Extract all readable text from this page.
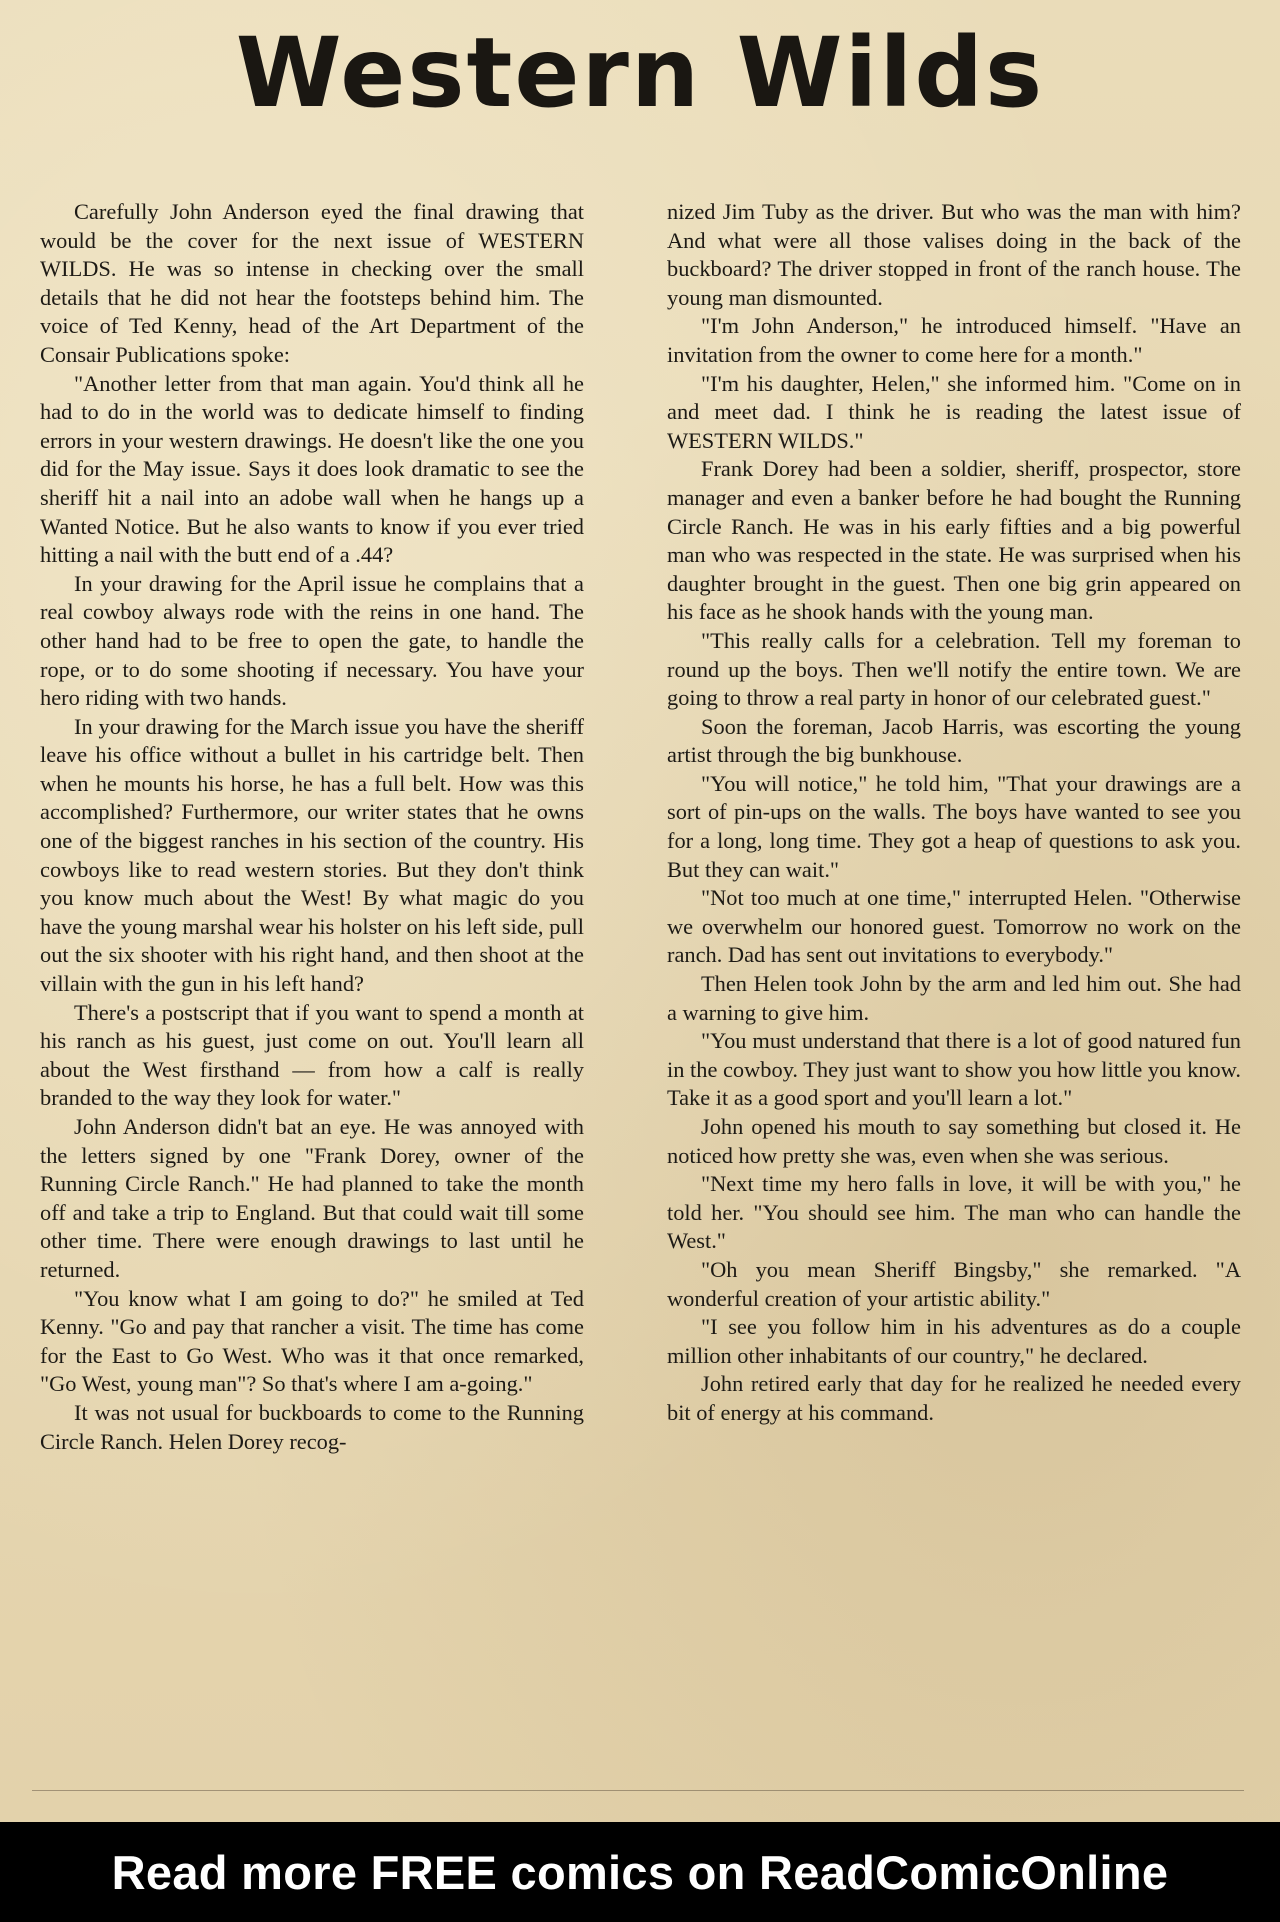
Western Wilds

Carefully John Anderson eyed the final drawing that would be the cover for the next issue of WESTERN WILDS. He was so intense in checking over the small details that he did not hear the footsteps behind him. The voice of Ted Kenny, head of the Art Department of the Consair Publications spoke:

"Another letter from that man again. You'd think all he had to do in the world was to dedicate himself to finding errors in your western drawings. He doesn't like the one you did for the May issue. Says it does look dramatic to see the sheriff hit a nail into an adobe wall when he hangs up a Wanted Notice. But he also wants to know if you ever tried hitting a nail with the butt end of a .44?

In your drawing for the April issue he complains that a real cowboy always rode with the reins in one hand. The other hand had to be free to open the gate, to handle the rope, or to do some shooting if necessary. You have your hero riding with two hands.

In your drawing for the March issue you have the sheriff leave his office without a bullet in his cartridge belt. Then when he mounts his horse, he has a full belt. How was this accomplished? Furthermore, our writer states that he owns one of the biggest ranches in his section of the country. His cowboys like to read western stories. But they don't think you know much about the West! By what magic do you have the young marshal wear his holster on his left side, pull out the six shooter with his right hand, and then shoot at the villain with the gun in his left hand?

There's a postscript that if you want to spend a month at his ranch as his guest, just come on out. You'll learn all about the West firsthand — from how a calf is really branded to the way they look for water."

John Anderson didn't bat an eye. He was annoyed with the letters signed by one "Frank Dorey, owner of the Running Circle Ranch." He had planned to take the month off and take a trip to England. But that could wait till some other time. There were enough drawings to last until he returned.

"You know what I am going to do?" he smiled at Ted Kenny. "Go and pay that rancher a visit. The time has come for the East to Go West. Who was it that once remarked, "Go West, young man"? So that's where I am a-going."

It was not usual for buckboards to come to the Running Circle Ranch. Helen Dorey recog-

nized Jim Tuby as the driver. But who was the man with him? And what were all those valises doing in the back of the buckboard? The driver stopped in front of the ranch house. The young man dismounted.

"I'm John Anderson," he introduced himself. "Have an invitation from the owner to come here for a month."

"I'm his daughter, Helen," she informed him. "Come on in and meet dad. I think he is reading the latest issue of WESTERN WILDS."

Frank Dorey had been a soldier, sheriff, prospector, store manager and even a banker before he had bought the Running Circle Ranch. He was in his early fifties and a big powerful man who was respected in the state. He was surprised when his daughter brought in the guest. Then one big grin appeared on his face as he shook hands with the young man.

"This really calls for a celebration. Tell my foreman to round up the boys. Then we'll notify the entire town. We are going to throw a real party in honor of our celebrated guest."

Soon the foreman, Jacob Harris, was escorting the young artist through the big bunkhouse.

"You will notice," he told him, "That your drawings are a sort of pin-ups on the walls. The boys have wanted to see you for a long, long time. They got a heap of questions to ask you. But they can wait."

"Not too much at one time," interrupted Helen. "Otherwise we overwhelm our honored guest. Tomorrow no work on the ranch. Dad has sent out invitations to everybody."

Then Helen took John by the arm and led him out. She had a warning to give him.

"You must understand that there is a lot of good natured fun in the cowboy. They just want to show you how little you know. Take it as a good sport and you'll learn a lot."

John opened his mouth to say something but closed it. He noticed how pretty she was, even when she was serious.

"Next time my hero falls in love, it will be with you," he told her. "You should see him. The man who can handle the West."

"Oh you mean Sheriff Bingsby," she remarked. "A wonderful creation of your artistic ability."

"I see you follow him in his adventures as do a couple million other inhabitants of our country," he declared.

John retired early that day for he realized he needed every bit of energy at his command.

Read more FREE comics on ReadComicOnline
